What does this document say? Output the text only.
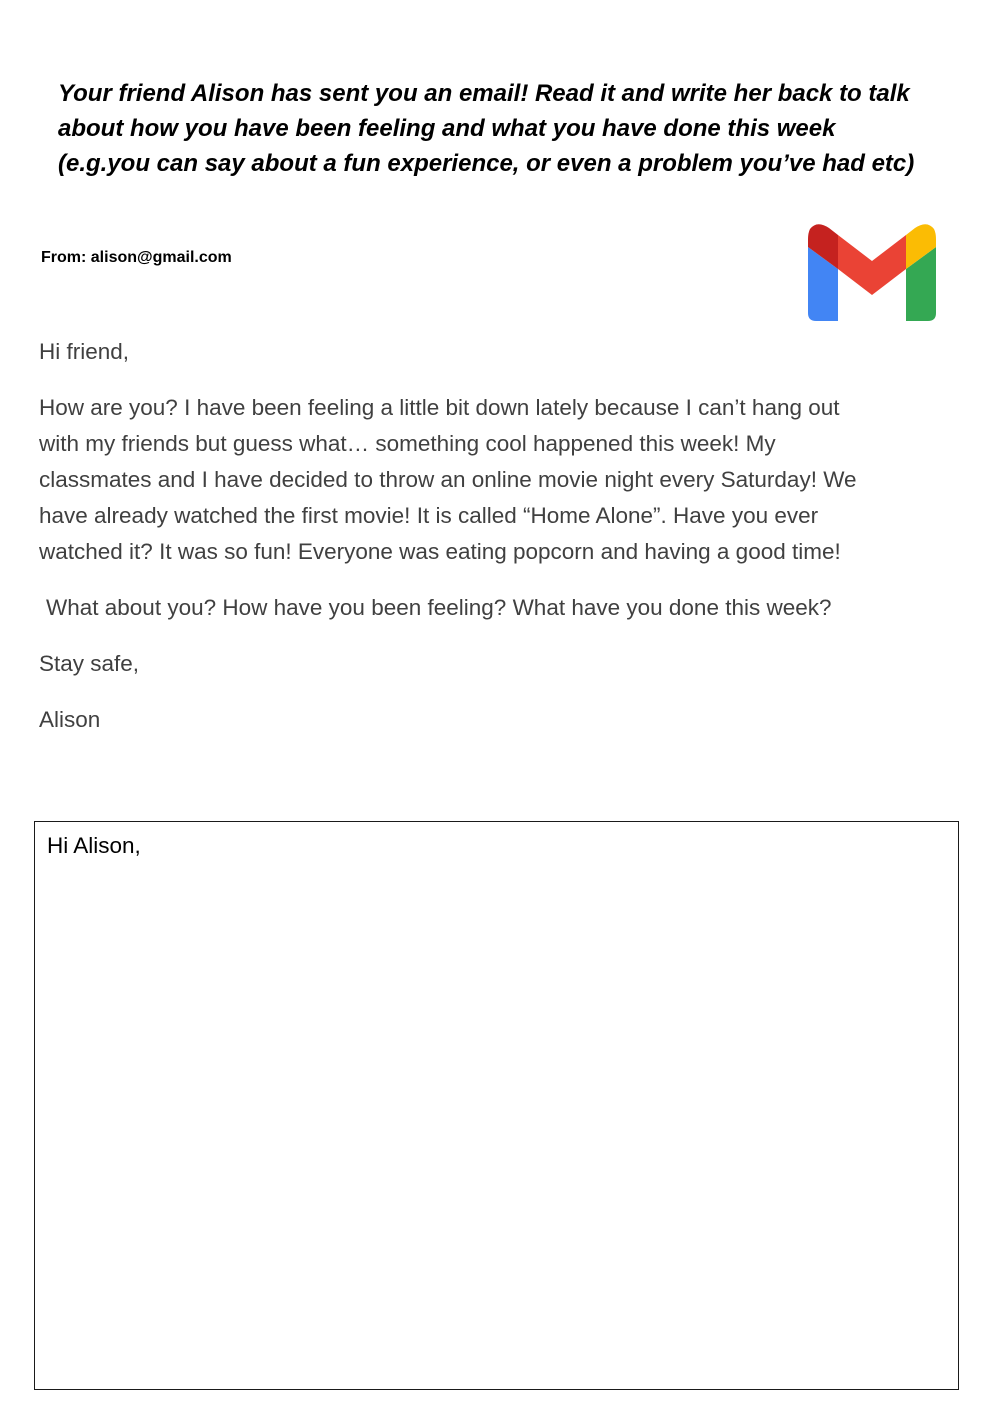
Your friend Alison has sent you an email! Read it and write her back to talk
about how you have been feeling and what you have done this week
(e.g.you can say about a fun experience, or even a problem you’ve had etc)
From: alison@gmail.com

Hi friend,

How are you? I have been feeling a little bit down lately because I can’t hang out
with my friends but guess what… something cool happened this week! My
classmates and I have decided to throw an online movie night every Saturday! We
have already watched the first movie! It is called “Home Alone”. Have you ever
watched it? It was so fun! Everyone was eating popcorn and having a good time!

What about you? How have you been feeling? What have you done this week?

Stay safe,

Alison

Hi Alison,
